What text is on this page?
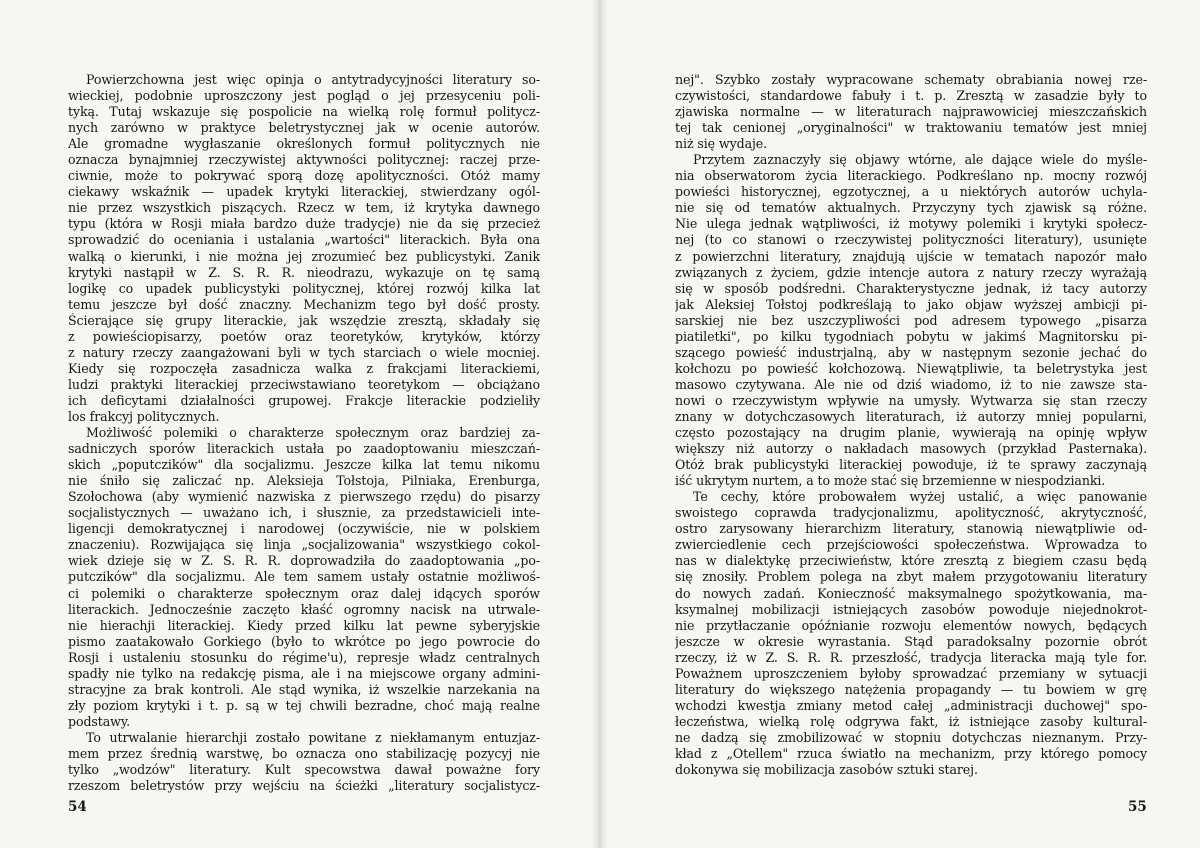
Powierzchowna jest więc opinja o antytradycyjności literatury so-
wieckiej, podobnie uproszczony jest pogląd o jej przesyceniu poli-
tyką. Tutaj wskazuje się pospolicie na wielką rolę formuł politycz-
nych zarówno w praktyce beletrystycznej jak w ocenie autorów.
Ale gromadne wygłaszanie określonych formuł politycznych nie
oznacza bynajmniej rzeczywistej aktywności politycznej: raczej prze-
ciwnie, może to pokrywać sporą dozę apolityczności. Otóż mamy
ciekawy wskaźnik — upadek krytyki literackiej, stwierdzany ogól-
nie przez wszystkich piszących. Rzecz w tem, iż krytyka dawnego
typu (która w Rosji miała bardzo duże tradycje) nie da się przecież
sprowadzić do oceniania i ustalania „wartości" literackich. Była ona
walką o kierunki, i nie można jej zrozumieć bez publicystyki. Zanik
krytyki nastąpił w Z. S. R. R. nieodrazu, wykazuje on tę samą
logikę co upadek publicystyki politycznej, której rozwój kilka lat
temu jeszcze był dość znaczny. Mechanizm tego był dość prosty.
Ścierające się grupy literackie, jak wszędzie zresztą, składały się
z powieściopisarzy, poetów oraz teoretyków, krytyków, którzy
z natury rzeczy zaangażowani byli w tych starciach o wiele mocniej.
Kiedy się rozpoczęła zasadnicza walka z frakcjami literackiemi,
ludzi praktyki literackiej przeciwstawiano teoretykom — obciążano
ich deficytami działalności grupowej. Frakcje literackie podzieliły
los frakcyj politycznych.
Możliwość polemiki o charakterze społecznym oraz bardziej za-
sadniczych sporów literackich ustała po zaadoptowaniu mieszczań-
skich „poputczików" dla socjalizmu. Jeszcze kilka lat temu nikomu
nie śniło się zaliczać np. Aleksieja Tołstoja, Pilniaka, Erenburga,
Szołochowa (aby wymienić nazwiska z pierwszego rzędu) do pisarzy
socjalistycznych — uważano ich, i słusznie, za przedstawicieli inte-
ligencji demokratycznej i narodowej (oczywiście, nie w polskiem
znaczeniu). Rozwijająca się linja „socjalizowania" wszystkiego cokol-
wiek dzieje się w Z. S. R. R. doprowadziła do zaadoptowania „po-
putczików" dla socjalizmu. Ale tem samem ustały ostatnie możliwoś-
ci polemiki o charakterze społecznym oraz dalej idących sporów
literackich. Jednocześnie zaczęto kłaść ogromny nacisk na utrwale-
nie hierachji literackiej. Kiedy przed kilku lat pewne syberyjskie
pismo zaatakowało Gorkiego (było to wkrótce po jego powrocie do
Rosji i ustaleniu stosunku do régime'u), represje władz centralnych
spadły nie tylko na redakcję pisma, ale i na miejscowe organy admini-
stracyjne za brak kontroli. Ale stąd wynika, iż wszelkie narzekania na
zły poziom krytyki i t. p. są w tej chwili bezradne, choć mają realne
podstawy.
To utrwalanie hierarchji zostało powitane z niekłamanym entuzjaz-
mem przez średnią warstwę, bo oznacza ono stabilizację pozycyj nie
tylko „wodzów" literatury. Kult specowstwa dawał poważne fory
rzeszom beletrystów przy wejściu na ścieżki „literatury socjalistycz-
54
nej". Szybko zostały wypracowane schematy obrabiania nowej rze-
czywistości, standardowe fabuły i t. p. Zresztą w zasadzie były to
zjawiska normalne — w literaturach najprawowiciej mieszczańskich
tej tak cenionej „oryginalności" w traktowaniu tematów jest mniej
niż się wydaje.
Przytem zaznaczyły się objawy wtórne, ale dające wiele do myśle-
nia obserwatorom życia literackiego. Podkreślano np. mocny rozwój
powieści historycznej, egzotycznej, a u niektórych autorów uchyla-
nie się od tematów aktualnych. Przyczyny tych zjawisk są różne.
Nie ulega jednak wątpliwości, iż motywy polemiki i krytyki społecz-
nej (to co stanowi o rzeczywistej polityczności literatury), usunięte
z powierzchni literatury, znajdują ujście w tematach napozór mało
związanych z życiem, gdzie intencje autora z natury rzeczy wyrażają
się w sposób podśredni. Charakterystyczne jednak, iż tacy autorzy
jak Aleksiej Tołstoj podkreślają to jako objaw wyższej ambicji pi-
sarskiej nie bez uszczypliwości pod adresem typowego „pisarza
piatiletki", po kilku tygodniach pobytu w jakimś Magnitorsku pi-
szącego powieść industrjalną, aby w następnym sezonie jechać do
kołchozu po powieść kołchozową. Niewątpliwie, ta beletrystyka jest
masowo czytywana. Ale nie od dziś wiadomo, iż to nie zawsze sta-
nowi o rzeczywistym wpływie na umysły. Wytwarza się stan rzeczy
znany w dotychczasowych literaturach, iż autorzy mniej popularni,
często pozostający na drugim planie, wywierają na opinję wpływ
większy niż autorzy o nakładach masowych (przykład Pasternaka).
Otóż brak publicystyki literackiej powoduje, iż te sprawy zaczynają
iść ukrytym nurtem, a to może stać się brzemienne w niespodzianki.
Te cechy, które probowałem wyżej ustalić, a więc panowanie
swoistego coprawda tradycjonalizmu, apolityczność, akrytyczność,
ostro zarysowany hierarchizm literatury, stanowią niewątpliwie od-
zwierciedlenie cech przejściowości społeczeństwa. Wprowadza to
nas w dialektykę przeciwieństw, które zresztą z biegiem czasu będą
się znosiły. Problem polega na zbyt małem przygotowaniu literatury
do nowych zadań. Konieczność maksymalnego spożytkowania, ma-
ksymalnej mobilizacji istniejących zasobów powoduje niejednokrot-
nie przytłaczanie opóźnianie rozwoju elementów nowych, będących
jeszcze w okresie wyrastania. Stąd paradoksalny pozornie obrót
rzeczy, iż w Z. S. R. R. przeszłość, tradycja literacka mają tyle for.
Poważnem uproszczeniem byłoby sprowadzać przemiany w sytuacji
literatury do większego natężenia propagandy — tu bowiem w grę
wchodzi kwestja zmiany metod całej „administracji duchowej" spo-
łeczeństwa, wielką rolę odgrywa fakt, iż istniejące zasoby kultural-
ne dadzą się zmobilizować w stopniu dotychczas nieznanym. Przy-
kład z „Otellem" rzuca światło na mechanizm, przy którego pomocy
dokonywa się mobilizacja zasobów sztuki starej.
55
